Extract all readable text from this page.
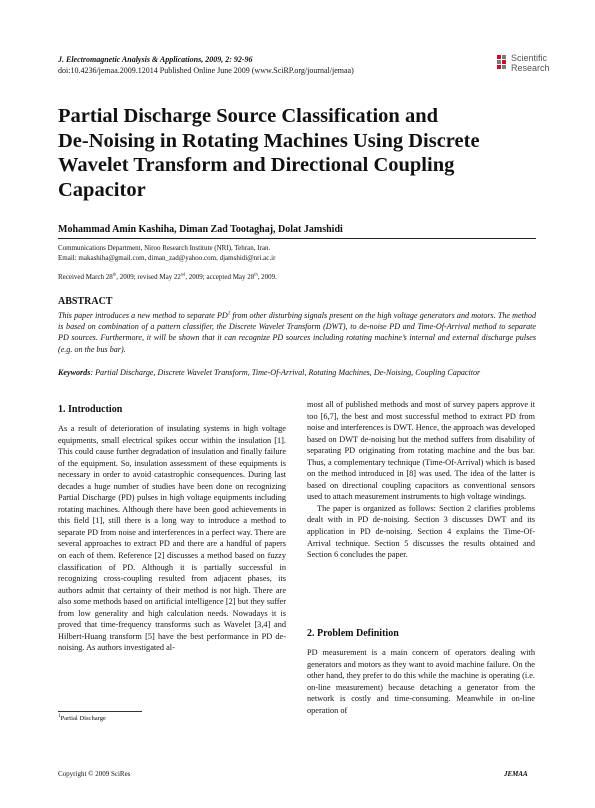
J. Electromagnetic Analysis & Applications, 2009, 2: 92-96
doi:10.4236/jemaa.2009.12014 Published Online June 2009 (www.SciRP.org/journal/jemaa)
Scientific
Research
Partial Discharge Source Classification and
De-Noising in Rotating Machines Using Discrete
Wavelet Transform and Directional Coupling
Capacitor
Mohammad Amin Kashiha, Diman Zad Tootaghaj, Dolat Jamshidi
Communications Department, Niroo Research Institute (NRI), Tehran, Iran.
Email: makashiha@gmail.com, diman_zad@yahoo.com, djamshidi@nri.ac.ir
Received March 28th, 2009; revised May 22nd, 2009; accepted May 28th, 2009.
ABSTRACT

This paper introduces a new method to separate $PD^1$ from other disturbing signals present on the high voltage generators and motors. The method is based on combination of a pattern classifier, the Discrete Wavelet Transform (DWT), to de-noise PD and Time-Of-Arrival method to separate PD sources. Furthermore, it will be shown that it can recognize PD sources including rotating machine’s internal and external discharge pulses (e.g. on the bus bar).

Keywords: Partial Discharge, Discrete Wavelet Transform, Time-Of-Arrival, Rotating Machines, De-Noising, Coupling Capacitor

1. Introduction

As a result of deterioration of insulating systems in high voltage equipments, small electrical spikes occur within the insulation [1]. This could cause further degradation of insulation and finally failure of the equipment. So, insulation assessment of these equipments is necessary in order to avoid catastrophic consequences. During last decades a huge number of studies have been done on recognizing Partial Discharge (PD) pulses in high voltage equipments including rotating machines. Although there have been good achievements in this field [1], still there is a long way to introduce a method to separate PD from noise and interferences in a perfect way. There are several approaches to extract PD and there are a handful of papers on each of them. Reference [2] discusses a method based on fuzzy classification of PD. Although it is partially successful in recognizing cross-coupling resulted from adjacent phases, its authors admit that certainty of their method is not high. There are also some methods based on artificial intelligence [2] but they suffer from low generality and high calculation needs. Nowadays it is proved that time-frequency transforms such as Wavelet [3,4] and Hilbert-Huang transform [5] have the best performance in PD de-noising. As authors investigated al-

most all of published methods and most of survey papers approve it too [6,7], the best and most successful method to extract PD from noise and interferences is DWT. Hence, the approach was developed based on DWT de-noising but the method suffers from disability of separating PD originating from rotating machine and the bus bar. Thus, a complementary technique (Time-Of-Arrival) which is based on the method introduced in [8] was used. The idea of the latter is based on directional coupling capacitors as conventional sensors used to attach measurement instruments to high voltage windings.
The paper is organized as follows: Section 2 clarifies problems dealt with in PD de-noising. Section 3 discusses DWT and its application in PD de-noising. Section 4 explains the Time-Of-Arrival technique. Section 5 discusses the results obtained and Section 6 concludes the paper.

2. Problem Definition

PD measurement is a main concern of operators dealing with generators and motors as they want to avoid machine failure. On the other hand, they prefer to do this while the machine is operating (i.e. on-line measurement) because detaching a generator from the network is costly and time-consuming. Meanwhile in on-line operation of

$^1$Partial Discharge
Copyright © 2009 SciRes	JEMAA
